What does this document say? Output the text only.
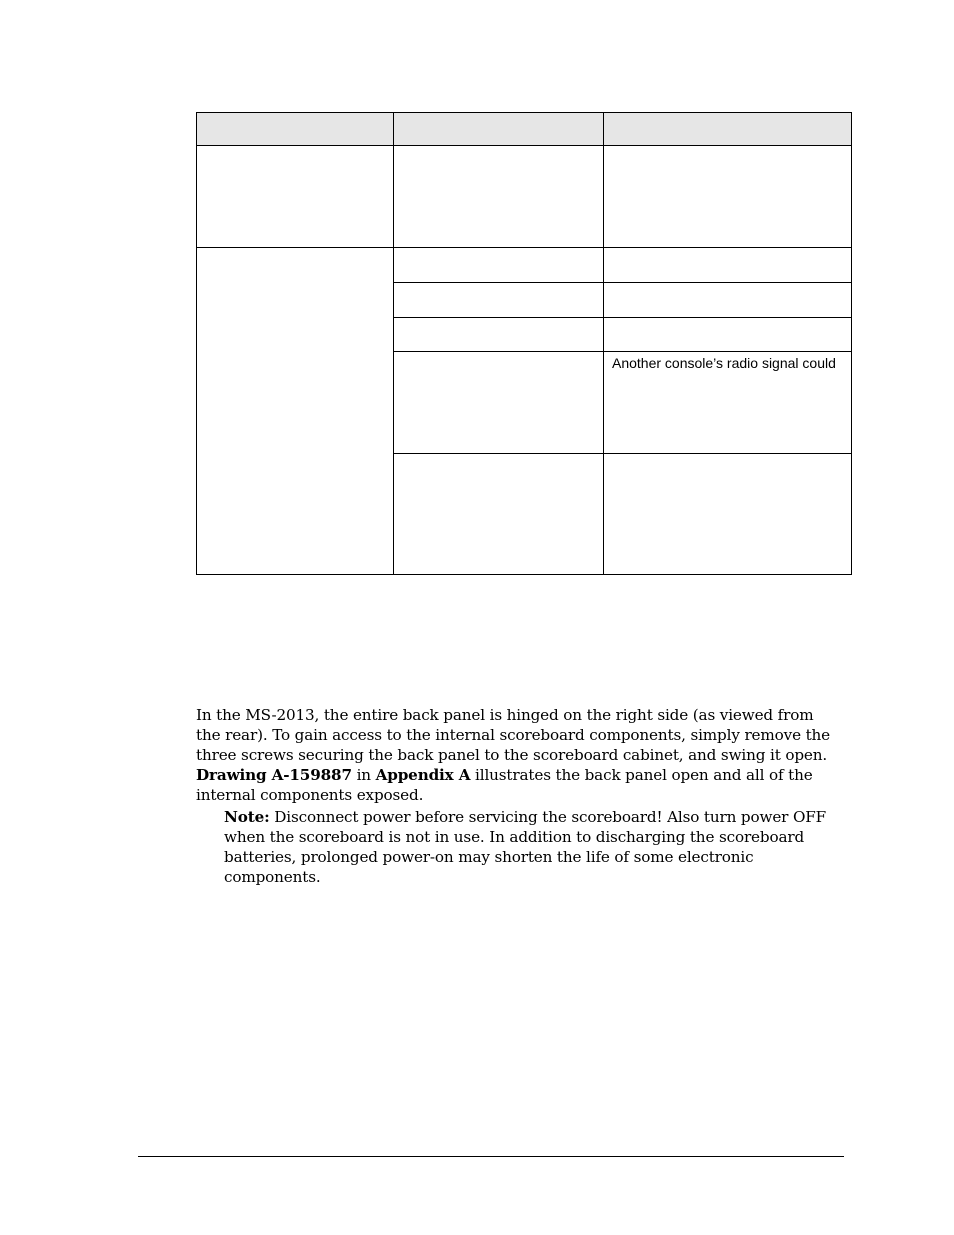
		Another console’s radio signal could

In the MS-2013, the entire back panel is hinged on the right side (as viewed from the rear). To gain access to the internal scoreboard components, simply remove the three screws securing the back panel to the scoreboard cabinet, and swing it open. Drawing A-159887 in Appendix A illustrates the back panel open and all of the internal components exposed.

Note: Disconnect power before servicing the scoreboard! Also turn power OFF when the scoreboard is not in use. In addition to discharging the scoreboard batteries, prolonged power-on may shorten the life of some electronic components.
